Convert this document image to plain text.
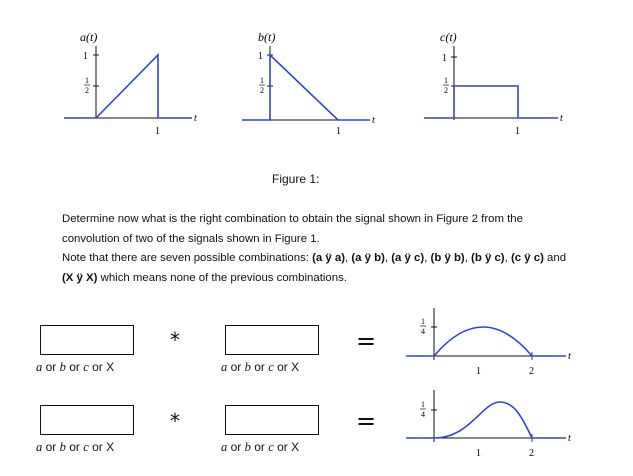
a(t)
1
1
2
t
1
b(t)
1
1
2
t
1
c(t)
1
1
2
t
1
Figure 1:

Determine now what is the right combination to obtain the signal shown in Figure 2 from the

convolution of two of the signals shown in Figure 1.

Note that there are seven possible combinations: (a ÿ a), (a ÿ b), (a ÿ c), (b ÿ b), (b ÿ c), (c ÿ c) and

(X ÿ X) which means none of the previous combinations.

a or b or c or X
*
a or b or c or X
=
1
4
t
1	2
a or b or c or X
*
a or b or c or X
=
1
4
t
1	2
